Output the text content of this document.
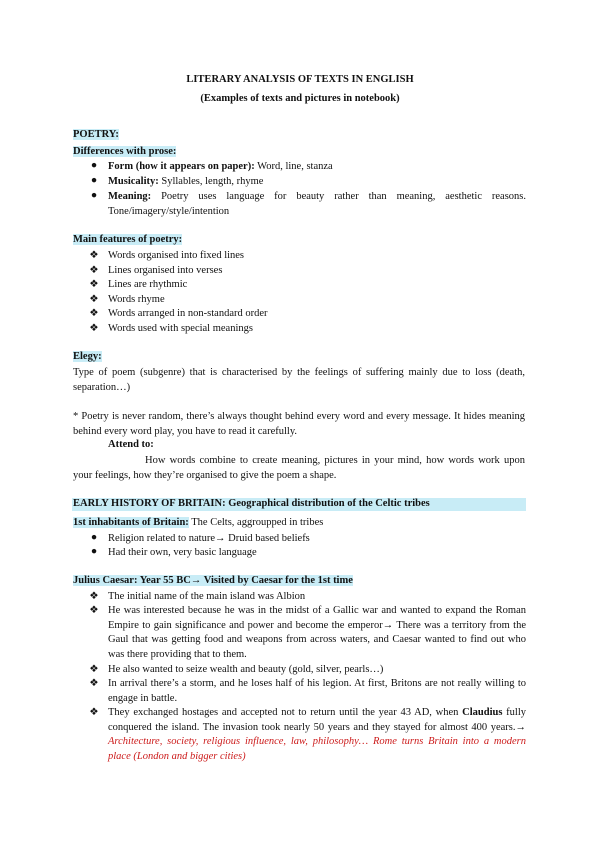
LITERARY ANALYSIS OF TEXTS IN ENGLISH
(Examples of texts and pictures in notebook)
POETRY:
Differences with prose:
●	Form (how it appears on paper): Word, line, stanza
●	Musicality: Syllables, length, rhyme
●	Meaning: Poetry uses language for beauty rather than meaning, aesthetic reasons. Tone/imagery/style/intention
Main features of poetry:
❖ Words organised into fixed lines
❖ Lines organised into verses
❖ Lines are rhythmic
❖ Words rhyme
❖ Words arranged in non-standard order
❖ Words used with special meanings
Elegy:
Type of poem (subgenre) that is characterised by the feelings of suffering mainly due to loss (death, separation…)
* Poetry is never random, there’s always thought behind every word and every message. It hides meaning behind every word play, you have to read it carefully.
Attend to:
How words combine to create meaning, pictures in your mind, how words work upon your feelings, how they’re organised to give the poem a shape.
EARLY HISTORY OF BRITAIN: Geographical distribution of the Celtic tribes
1st inhabitants of Britain: The Celts, aggroupped in tribes
●	Religion related to nature→ Druid based beliefs
●	Had their own, very basic language
Julius Caesar: Year 55 BC→ Visited by Caesar for the 1st time
❖ The initial name of the main island was Albion
❖ He was interested because he was in the midst of a Gallic war and wanted to expand the Roman Empire to gain significance and power and become the emperor→ There was a territory from the Gaul that was getting food and weapons from across waters, and Caesar wanted to find out who was there providing that to them.
❖ He also wanted to seize wealth and beauty (gold, silver, pearls…)
❖ In arrival there’s a storm, and he loses half of his legion. At first, Britons are not really willing to engage in battle.
❖ They exchanged hostages and accepted not to return until the year 43 AD, when Claudius fully conquered the island. The invasion took nearly 50 years and they stayed for almost 400 years.→ Architecture, society, religious influence, law, philosophy… Rome turns Britain into a modern place (London and bigger cities)
